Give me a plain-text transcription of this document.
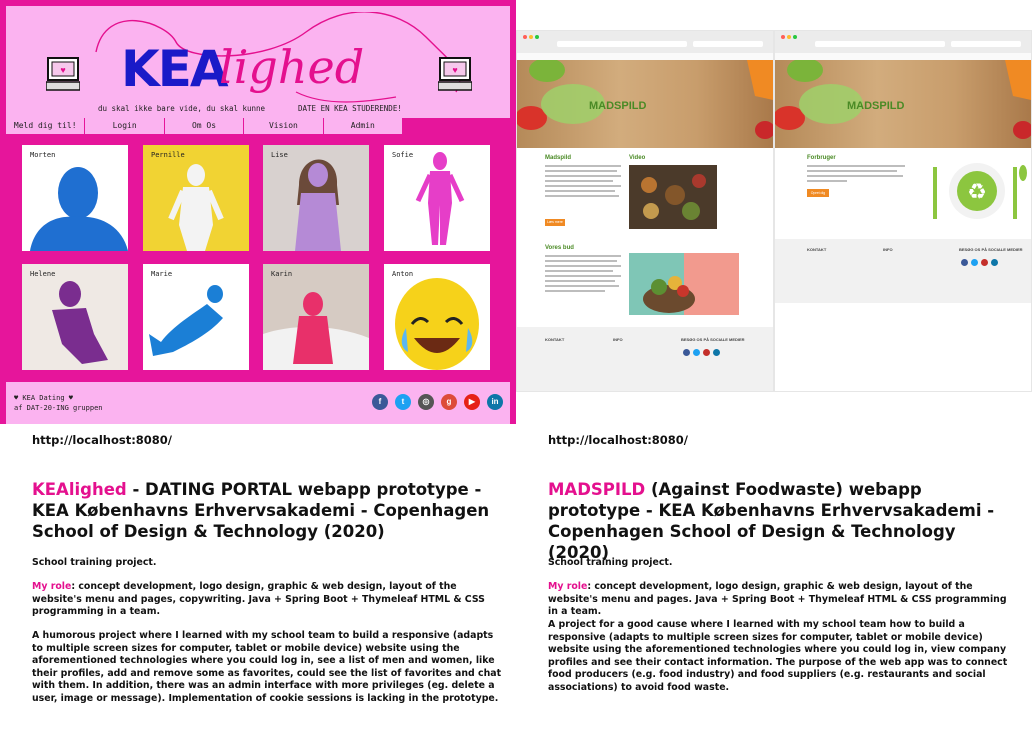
♥	♥
KEA
lighed
du skal ikke bare vide, du skal kunne	DATE EN KEA STUDERENDE!
Meld dig til!	Login	Om Os	Vision	Admin
Morten	Pernille	Lise	Sofie
Helene	Marie	Karin	Anton
♥ KEA Dating ♥
af DAT-20-ING gruppen
f	t	◎	g	▶	in
MADSPILD
Madspild	Video
Læs mere
Vores bud
KONTAKT	INFO	BESØG OS PÅ SOCIALE MEDIER
MADSPILD
Forbruger
Opret dig	♻
KONTAKT	INFO	BESØG OS PÅ SOCIALE MEDIER
http://localhost:8080/
KEAlighed - DATING PORTAL webapp prototype - KEA Københavns Erhvervsakademi - Copenhagen School of Design & Technology (2020)
School training project.
My role: concept development, logo design, graphic & web design, layout of the website's menu and pages, copywriting. Java + Spring Boot + Thymeleaf HTML & CSS programming in a team.
A humorous project where I learned with my school team to build a responsive (adapts to multiple screen sizes for computer, tablet or mobile device) website using the aforementioned technologies where you could log in, see a list of men and women, like their profiles, add and remove some as favorites, could see the list of favorites and chat with them. In addition, there was an admin interface with more privileges (eg. delete a user, image or message). Implementation of cookie sessions is lacking in the prototype.
http://localhost:8080/
MADSPILD (Against Foodwaste) webapp prototype - KEA Københavns Erhvervsakademi - Copenhagen School of Design & Technology (2020)
School training project.
My role: concept development, logo design, graphic & web design, layout of the website's menu and pages. Java + Spring Boot + Thymeleaf HTML & CSS programming in a team.
A project for a good cause where I learned with my school team how to build a responsive (adapts to multiple screen sizes for computer, tablet or mobile device) website using the aforementioned technologies where you could log in, view company profiles and see their contact information. The purpose of the web app was to connect food producers (e.g. food industry) and food suppliers (e.g. restaurants and social associations) to avoid food waste.
